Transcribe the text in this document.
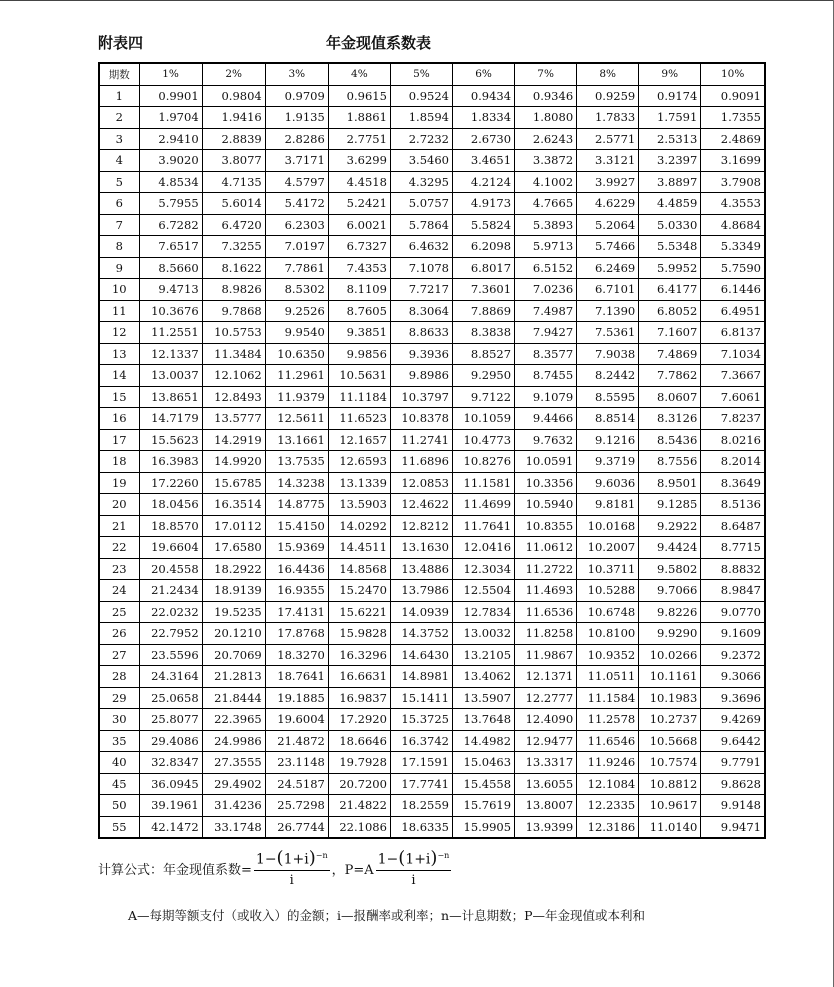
附表四	年金现值系数表
期数	1%	2%	3%	4%	5%	6%	7%	8%	9%	10%
1	0.9901	0.9804	0.9709	0.9615	0.9524	0.9434	0.9346	0.9259	0.9174	0.9091
2	1.9704	1.9416	1.9135	1.8861	1.8594	1.8334	1.8080	1.7833	1.7591	1.7355
3	2.9410	2.8839	2.8286	2.7751	2.7232	2.6730	2.6243	2.5771	2.5313	2.4869
4	3.9020	3.8077	3.7171	3.6299	3.5460	3.4651	3.3872	3.3121	3.2397	3.1699
5	4.8534	4.7135	4.5797	4.4518	4.3295	4.2124	4.1002	3.9927	3.8897	3.7908
6	5.7955	5.6014	5.4172	5.2421	5.0757	4.9173	4.7665	4.6229	4.4859	4.3553
7	6.7282	6.4720	6.2303	6.0021	5.7864	5.5824	5.3893	5.2064	5.0330	4.8684
8	7.6517	7.3255	7.0197	6.7327	6.4632	6.2098	5.9713	5.7466	5.5348	5.3349
9	8.5660	8.1622	7.7861	7.4353	7.1078	6.8017	6.5152	6.2469	5.9952	5.7590
10	9.4713	8.9826	8.5302	8.1109	7.7217	7.3601	7.0236	6.7101	6.4177	6.1446
11	10.3676	9.7868	9.2526	8.7605	8.3064	7.8869	7.4987	7.1390	6.8052	6.4951
12	11.2551	10.5753	9.9540	9.3851	8.8633	8.3838	7.9427	7.5361	7.1607	6.8137
13	12.1337	11.3484	10.6350	9.9856	9.3936	8.8527	8.3577	7.9038	7.4869	7.1034
14	13.0037	12.1062	11.2961	10.5631	9.8986	9.2950	8.7455	8.2442	7.7862	7.3667
15	13.8651	12.8493	11.9379	11.1184	10.3797	9.7122	9.1079	8.5595	8.0607	7.6061
16	14.7179	13.5777	12.5611	11.6523	10.8378	10.1059	9.4466	8.8514	8.3126	7.8237
17	15.5623	14.2919	13.1661	12.1657	11.2741	10.4773	9.7632	9.1216	8.5436	8.0216
18	16.3983	14.9920	13.7535	12.6593	11.6896	10.8276	10.0591	9.3719	8.7556	8.2014
19	17.2260	15.6785	14.3238	13.1339	12.0853	11.1581	10.3356	9.6036	8.9501	8.3649
20	18.0456	16.3514	14.8775	13.5903	12.4622	11.4699	10.5940	9.8181	9.1285	8.5136
21	18.8570	17.0112	15.4150	14.0292	12.8212	11.7641	10.8355	10.0168	9.2922	8.6487
22	19.6604	17.6580	15.9369	14.4511	13.1630	12.0416	11.0612	10.2007	9.4424	8.7715
23	20.4558	18.2922	16.4436	14.8568	13.4886	12.3034	11.2722	10.3711	9.5802	8.8832
24	21.2434	18.9139	16.9355	15.2470	13.7986	12.5504	11.4693	10.5288	9.7066	8.9847
25	22.0232	19.5235	17.4131	15.6221	14.0939	12.7834	11.6536	10.6748	9.8226	9.0770
26	22.7952	20.1210	17.8768	15.9828	14.3752	13.0032	11.8258	10.8100	9.9290	9.1609
27	23.5596	20.7069	18.3270	16.3296	14.6430	13.2105	11.9867	10.9352	10.0266	9.2372
28	24.3164	21.2813	18.7641	16.6631	14.8981	13.4062	12.1371	11.0511	10.1161	9.3066
29	25.0658	21.8444	19.1885	16.9837	15.1411	13.5907	12.2777	11.1584	10.1983	9.3696
30	25.8077	22.3965	19.6004	17.2920	15.3725	13.7648	12.4090	11.2578	10.2737	9.4269
35	29.4086	24.9986	21.4872	18.6646	16.3742	14.4982	12.9477	11.6546	10.5668	9.6442
40	32.8347	27.3555	23.1148	19.7928	17.1591	15.0463	13.3317	11.9246	10.7574	9.7791
45	36.0945	29.4902	24.5187	20.7200	17.7741	15.4558	13.6055	12.1084	10.8812	9.8628
50	39.1961	31.4236	25.7298	21.4822	18.2559	15.7619	13.8007	12.2335	10.9617	9.9148
55	42.1472	33.1748	26.7744	22.1086	18.6335	15.9905	13.9399	12.3186	11.0140	9.9471
计算公式：年金现值系数= $\frac{1-(1+i)^{-n}}{i}$ ，$P=A \frac{1-(1+i)^{-n}}{i}$
A—每期等额支付（或收入）的金额；i—报酬率或利率；n—计息期数；P—年金现值或本利和
